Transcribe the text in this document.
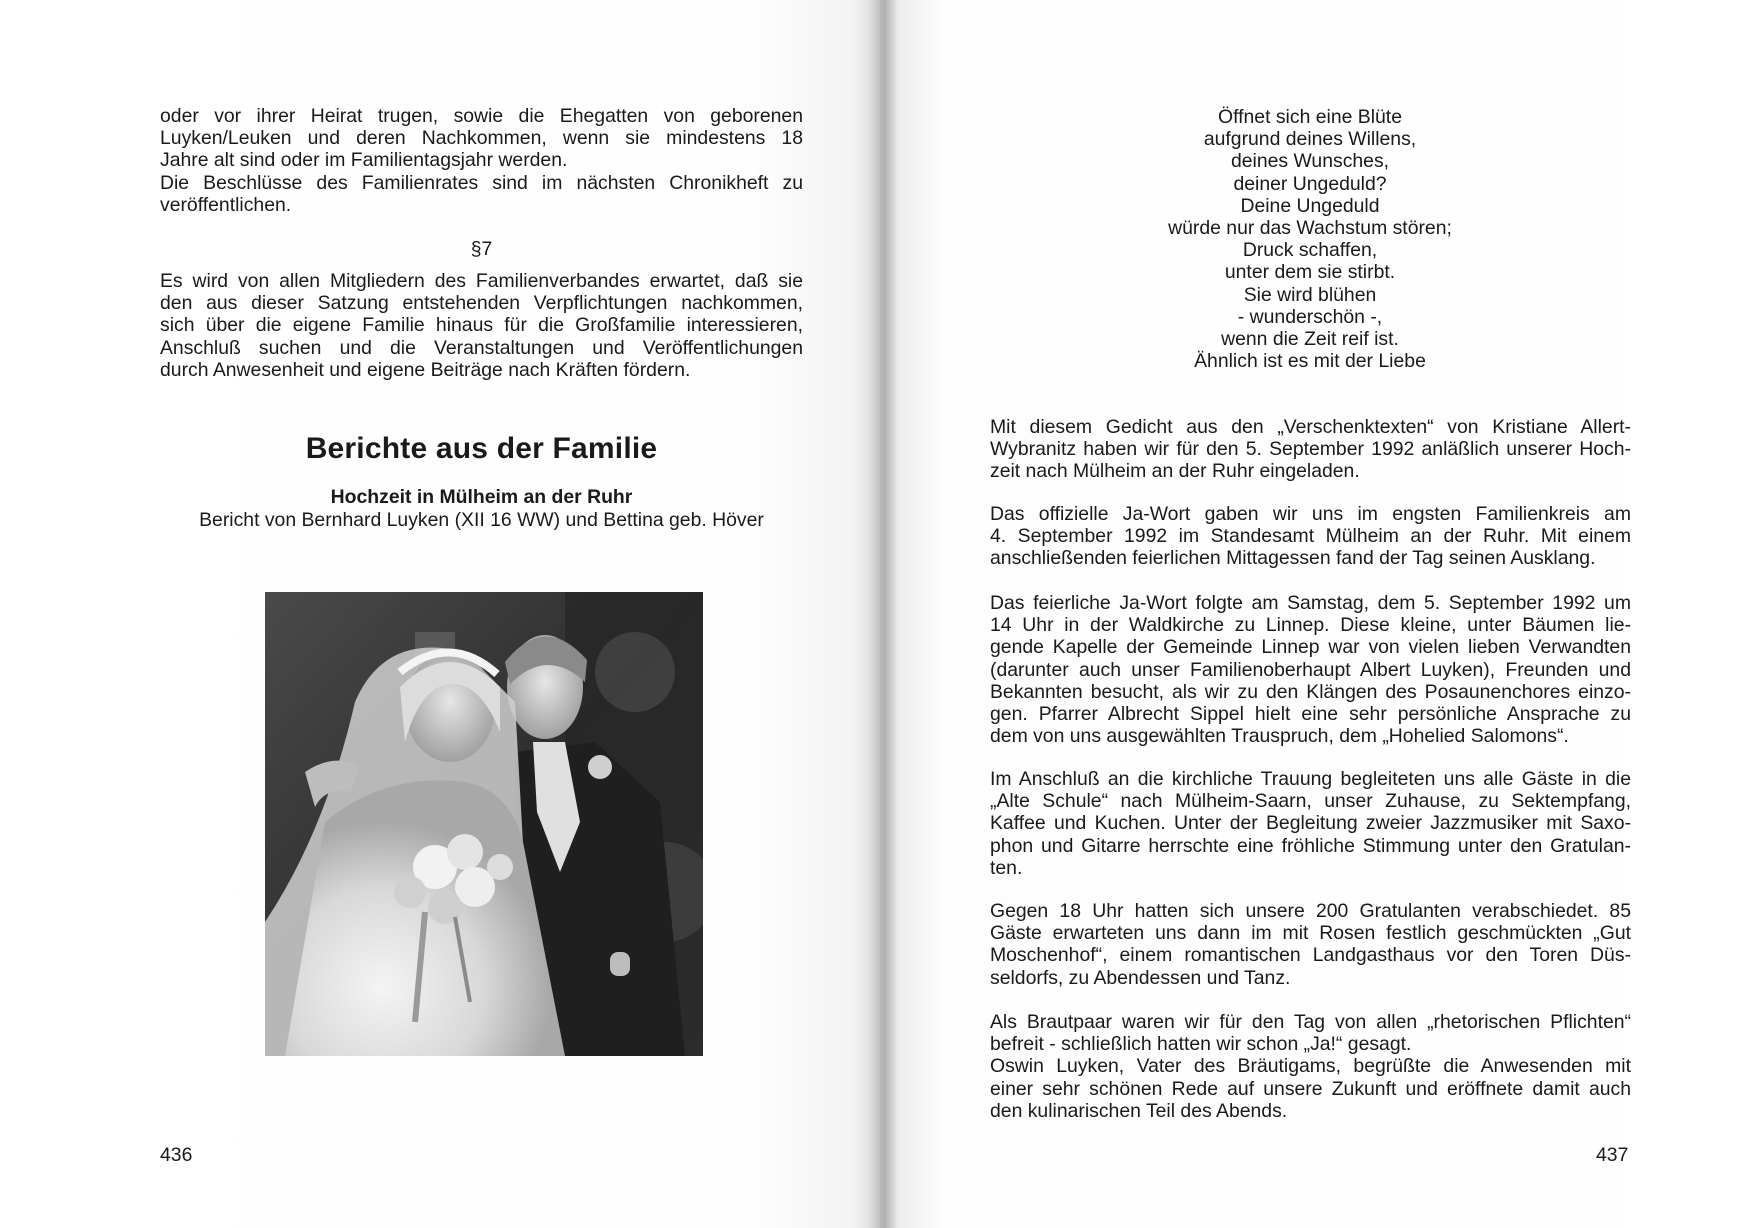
oder vor ihrer Heirat trugen, sowie die Ehegatten von geborenen
Luyken/Leuken und deren Nachkommen, wenn sie mindestens 18
Jahre alt sind oder im Familientagsjahr werden.
Die Beschlüsse des Familienrates sind im nächsten Chronikheft zu
veröffentlichen.
§7
Es wird von allen Mitgliedern des Familienverbandes erwartet, daß sie
den aus dieser Satzung entstehenden Verpflichtungen nachkommen,
sich über die eigene Familie hinaus für die Großfamilie interessieren,
Anschluß suchen und die Veranstaltungen und Veröffentlichungen
durch Anwesenheit und eigene Beiträge nach Kräften fördern.
Berichte aus der Familie
Hochzeit in Mülheim an der Ruhr
Bericht von Bernhard Luyken (XII 16 WW) und Bettina geb. Höver
436
Öffnet sich eine Blüte
aufgrund deines Willens,
deines Wunsches,
deiner Ungeduld?
Deine Ungeduld
würde nur das Wachstum stören;
Druck schaffen,
unter dem sie stirbt.
Sie wird blühen
- wunderschön -,
wenn die Zeit reif ist.
Ähnlich ist es mit der Liebe
Mit diesem Gedicht aus den „Verschenktexten“ von Kristiane Allert-
Wybranitz haben wir für den 5. September 1992 anläßlich unserer Hoch-
zeit nach Mülheim an der Ruhr eingeladen.
Das offizielle Ja-Wort gaben wir uns im engsten Familienkreis am
4. September 1992 im Standesamt Mülheim an der Ruhr. Mit einem
anschließenden feierlichen Mittagessen fand der Tag seinen Ausklang.
Das feierliche Ja-Wort folgte am Samstag, dem 5. September 1992 um
14 Uhr in der Waldkirche zu Linnep. Diese kleine, unter Bäumen lie-
gende Kapelle der Gemeinde Linnep war von vielen lieben Verwandten
(darunter auch unser Familienoberhaupt Albert Luyken), Freunden und
Bekannten besucht, als wir zu den Klängen des Posaunenchores einzo-
gen. Pfarrer Albrecht Sippel hielt eine sehr persönliche Ansprache zu
dem von uns ausgewählten Trauspruch, dem „Hohelied Salomons“.
Im Anschluß an die kirchliche Trauung begleiteten uns alle Gäste in die
„Alte Schule“ nach Mülheim-Saarn, unser Zuhause, zu Sektempfang,
Kaffee und Kuchen. Unter der Begleitung zweier Jazzmusiker mit Saxo-
phon und Gitarre herrschte eine fröhliche Stimmung unter den Gratulan-
ten.
Gegen 18 Uhr hatten sich unsere 200 Gratulanten verabschiedet. 85
Gäste erwarteten uns dann im mit Rosen festlich geschmückten „Gut
Moschenhof“, einem romantischen Landgasthaus vor den Toren Düs-
seldorfs, zu Abendessen und Tanz.
Als Brautpaar waren wir für den Tag von allen „rhetorischen Pflichten“
befreit - schließlich hatten wir schon „Ja!“ gesagt.
Oswin Luyken, Vater des Bräutigams, begrüßte die Anwesenden mit
einer sehr schönen Rede auf unsere Zukunft und eröffnete damit auch
den kulinarischen Teil des Abends.
437
